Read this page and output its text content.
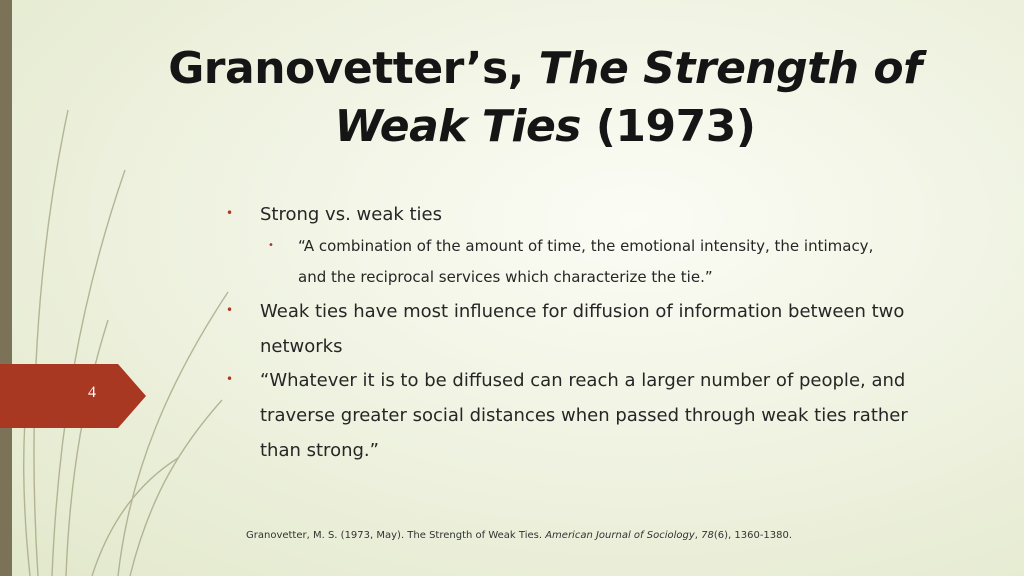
Granovetter’s, The Strength of Weak Ties (1973)
4
• Strong vs. weak ties
• “A combination of the amount of time, the emotional intensity, the intimacy, and the reciprocal services which characterize the tie.”
• Weak ties have most influence for diffusion of information between two networks
• “Whatever it is to be diffused can reach a larger number of people, and traverse greater social distances when passed through weak ties rather than strong.”
Granovetter, M. S. (1973, May). The Strength of Weak Ties. American Journal of Sociology, 78(6), 1360-1380.
